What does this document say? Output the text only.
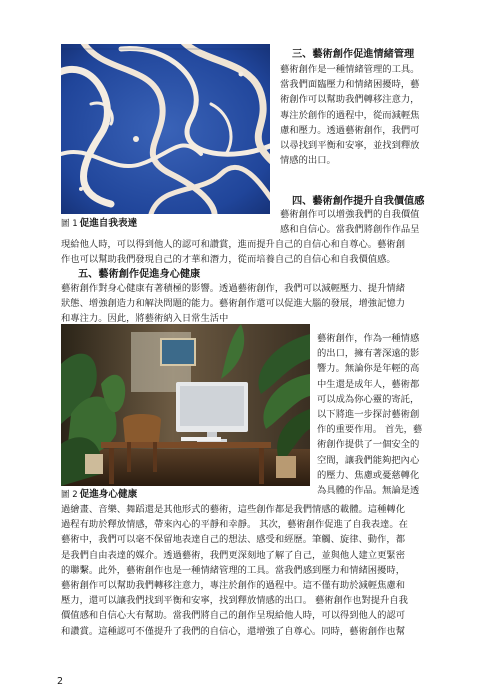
圖 1 促進自我表達
三、藝術創作促進情緒管理
藝術創作是一種情緒管理的工具。
當我們面臨壓力和情緒困擾時，藝
術創作可以幫助我們轉移注意力，
專注於創作的過程中，從而減輕焦
慮和壓力。透過藝術創作，我們可
以尋找到平衡和安寧，並找到釋放
情感的出口。
四、藝術創作提升自我價值感
藝術創作可以增強我們的自我價值
感和自信心。當我們將創作作品呈
現給他人時，可以得到他人的認可和讚賞，進而提升自己的自信心和自尊心。藝術創
作也可以幫助我們發現自己的才華和潛力，從而培養自己的自信心和自我價值感。
五、藝術創作促進身心健康
藝術創作對身心健康有著積極的影響。透過藝術創作，我們可以減輕壓力、提升情緒
狀態、增強創造力和解決問題的能力。藝術創作還可以促進大腦的發展，增強記憶力
和專注力。因此，將藝術納入日常生活中
圖 2 促進身心健康
藝術創作，作為一種情感
的出口，擁有著深遠的影
響力。無論你是年輕的高
中生還是成年人，藝術都
可以成為你心靈的寄託，
以下將進一步探討藝術創
作的重要作用。 首先，藝
術創作提供了一個安全的
空間，讓我們能夠把內心
的壓力、焦慮或憂慈轉化
為具體的作品。無論是透
過繪畫、音樂、舞蹈還是其他形式的藝術，這些創作都是我們情感的載體。這種轉化
過程有助於釋放情感，帶來內心的平靜和幸靜。 其次，藝術創作促進了自我表達。在
藝術中，我們可以毫不保留地表達自己的想法、感受和經歷。筆觸、旋律、動作，都
是我們自由表達的媒介。透過藝術，我們更深刻地了解了自己，並與他人建立更緊密
的聯繫。此外，藝術創作也是一種情緒管理的工具。當我們感到壓力和情緒困擾時，
藝術創作可以幫助我們轉移注意力，專注於創作的過程中。這不僅有助於減輕焦慮和
壓力，還可以讓我們找到平衡和安寧，找到釋放情感的出口。 藝術創作也對提升自我
價值感和自信心大有幫助。當我們將自己的創作呈現給他人時，可以得到他人的認可
和讚賞。這種認可不僅提升了我們的自信心，還增強了自尊心。同時，藝術創作也幫
2
